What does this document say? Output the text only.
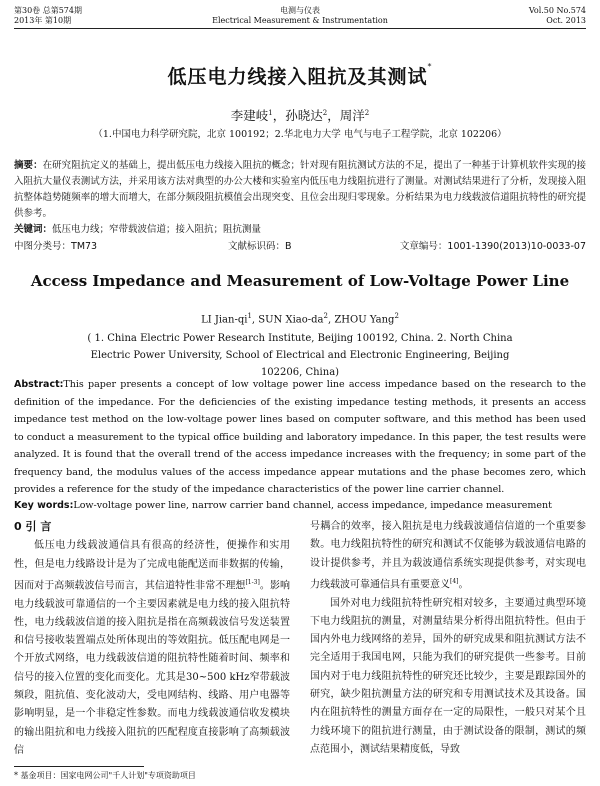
第30卷 总第574期	电测与仪表	Vol.50 No.574
2013年 第10期	Electrical Measurement & Instrumentation	Oct. 2013
低压电力线接入阻抗及其测试*
李建岐$^1$，孙晓达$^2$，周洋$^2$
（1.中国电力科学研究院，北京 100192；2.华北电力大学 电气与电子工程学院，北京 102206）
摘要：在研究阻抗定义的基础上，提出低压电力线接入阻抗的概念；针对现有阻抗测试方法的不足，提出了一种基于计算机软件实现的接入阻抗大量仪表测试方法，并采用该方法对典型的办公大楼和实验室内低压电力线阻抗进行了测量。对测试结果进行了分析，发现接入阻抗整体趋势随频率的增大而增大，在部分频段阻抗模值会出现突变、且位会出现归零现象。分析结果为电力线载波信道阻抗特性的研究提供参考。
关键词：低压电力线；窄带载波信道；接入阻抗；阻抗测量
中图分类号：TM73	文献标识码：B	文章编号：1001-1390(2013)10-0033-07
Access Impedance and Measurement of Low-Voltage Power Line
LI Jian-$qi^1$, SUN Xiao-$da^2$, ZHOU Yang$^2$
( 1. China Electric Power Research Institute, Beijing 100192, China. 2. North China Electric Power University, School of Electrical and Electronic Engineering, Beijing 102206, China)
Abstract:This paper presents a concept of low voltage power line access impedance based on the research to the definition of the impedance. For the deficiencies of the existing impedance testing methods, it presents an access impedance test method on the low-voltage power lines based on computer software, and this method has been used to conduct a measurement to the typical office building and laboratory impedance. In this paper, the test results were analyzed. It is found that the overall trend of the access impedance increases with the frequency; in some part of the frequency band, the modulus values of the access impedance appear mutations and the phase becomes zero, which provides a reference for the study of the impedance characteristics of the power line carrier channel.
Key words:Low-voltage power line, narrow carrier band channel, access impedance, impedance measurement
0 引 言

低压电力线载波通信具有很高的经济性，便操作和实用性，但是电力线路设计是为了完成电能配送而非数据的传输，因而对于高频载波信号而言，其信道特性非常不理想[1-3]。影响电力线载波可靠通信的一个主要因素就是电力线的接入阻抗特性，电力线载波信道的接入阻抗是指在高频载波信号发送装置和信号接收装置端点处所体现出的等效阻抗。低压配电网是一个开放式网络，电力线载波信道的阻抗特性随着时间、频率和信号的接入位置的变化而变化。尤其是30~500 kHz窄带载波频段，阻抗值、变化波动大，受电网结构、线路、用户电器等影响明显，是一个非稳定性参数。而电力线载波通信收发模块的输出阻抗和电力线接入阻抗的匹配程度直接影响了高频载波信

号耦合的效率，接入阻抗是电力线载波通信信道的一个重要参数。电力线阻抗特性的研究和测试不仅能够为载波通信电路的设计提供参考，并且为载波通信系统实现提供参考，对实现电力线载波可靠通信具有重要意义[4]。

国外对电力线阻抗特性研究相对较多，主要通过典型环境下电力线阻抗的测量，对测量结果分析得出阻抗特性。但由于国内外电力线网络的差异，国外的研究成果和阻抗测试方法不完全适用于我国电网，只能为我们的研究提供一些参考。目前国内对于电力线阻抗特性的研究还比较少，主要是跟踪国外的研究，缺少阻抗测量方法的研究和专用测试技术及其设备。国内在阻抗特性的测量方面存在一定的局限性，一般只对某个且力线环境下的阻抗进行测量，由于测试设备的限制，测试的频点范围小，测试结果精度低，导致

* 基金项目：国家电网公司"千人计划"专项资助项目
